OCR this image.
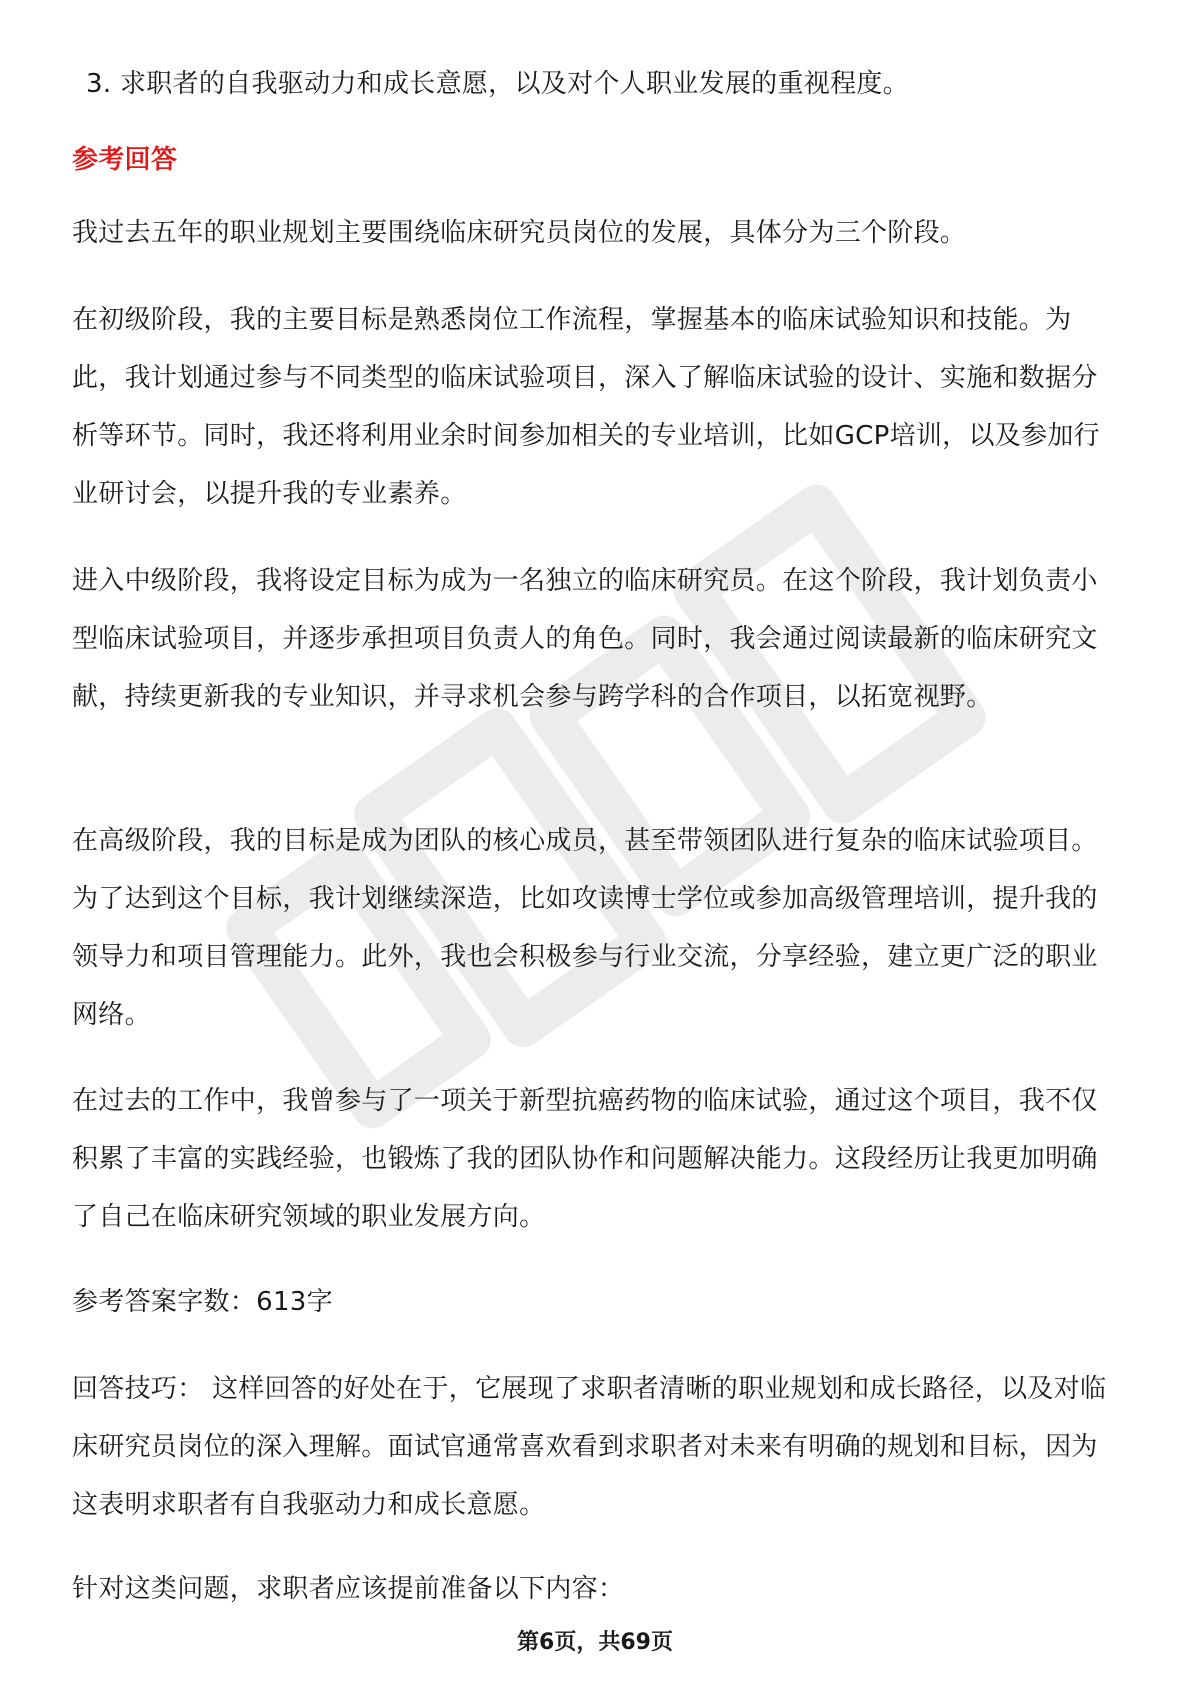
3. 求职者的自我驱动力和成长意愿，以及对个人职业发展的重视程度。
参考回答
我过去五年的职业规划主要围绕临床研究员岗位的发展，具体分为三个阶段。
在初级阶段，我的主要目标是熟悉岗位工作流程，掌握基本的临床试验知识和技能。为此，我计划通过参与不同类型的临床试验项目，深入了解临床试验的设计、实施和数据分析等环节。同时，我还将利用业余时间参加相关的专业培训，比如GCP培训，以及参加行业研讨会，以提升我的专业素养。
进入中级阶段，我将设定目标为成为一名独立的临床研究员。在这个阶段，我计划负责小型临床试验项目，并逐步承担项目负责人的角色。同时，我会通过阅读最新的临床研究文献，持续更新我的专业知识，并寻求机会参与跨学科的合作项目，以拓宽视野。
在高级阶段，我的目标是成为团队的核心成员，甚至带领团队进行复杂的临床试验项目。为了达到这个目标，我计划继续深造，比如攻读博士学位或参加高级管理培训，提升我的领导力和项目管理能力。此外，我也会积极参与行业交流，分享经验，建立更广泛的职业网络。
在过去的工作中，我曾参与了一项关于新型抗癌药物的临床试验，通过这个项目，我不仅积累了丰富的实践经验，也锻炼了我的团队协作和问题解决能力。这段经历让我更加明确了自己在临床研究领域的职业发展方向。
参考答案字数：613字
回答技巧： 这样回答的好处在于，它展现了求职者清晰的职业规划和成长路径，以及对临床研究员岗位的深入理解。面试官通常喜欢看到求职者对未来有明确的规划和目标，因为这表明求职者有自我驱动力和成长意愿。
针对这类问题，求职者应该提前准备以下内容：
第6页，共69页
